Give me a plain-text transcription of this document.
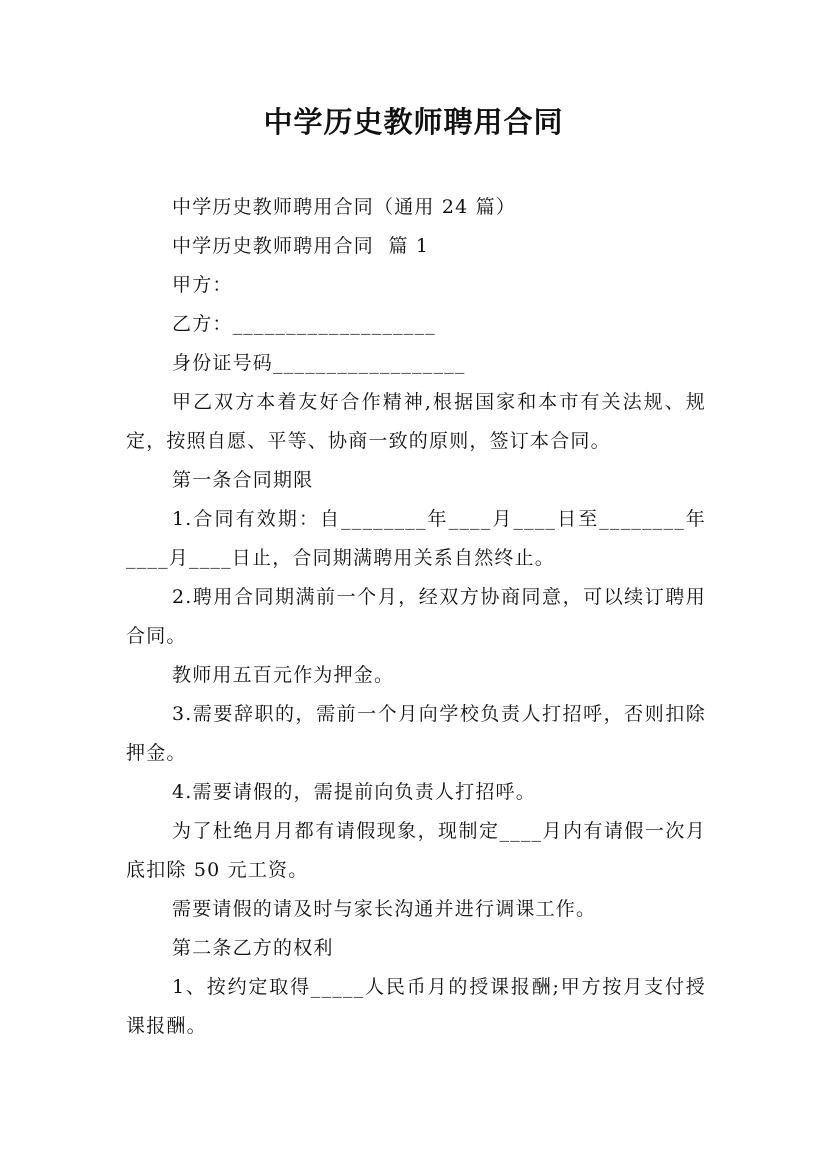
中学历史教师聘用合同

中学历史教师聘用合同（通用 24 篇）

中学历史教师聘用合同  篇 1

甲方：

乙方：___________________

身份证号码__________________

甲乙双方本着友好合作精神,根据国家和本市有关法规、规定，按照自愿、平等、协商一致的原则，签订本合同。

第一条合同期限

1.合同有效期：自________年____月____日至________年____月____日止，合同期满聘用关系自然终止。

2.聘用合同期满前一个月，经双方协商同意，可以续订聘用合同。

教师用五百元作为押金。

3.需要辞职的，需前一个月向学校负责人打招呼，否则扣除押金。

4.需要请假的，需提前向负责人打招呼。

为了杜绝月月都有请假现象，现制定____月内有请假一次月底扣除 50 元工资。

需要请假的请及时与家长沟通并进行调课工作。

第二条乙方的权利

1、按约定取得_____人民币月的授课报酬;甲方按月支付授课报酬。
